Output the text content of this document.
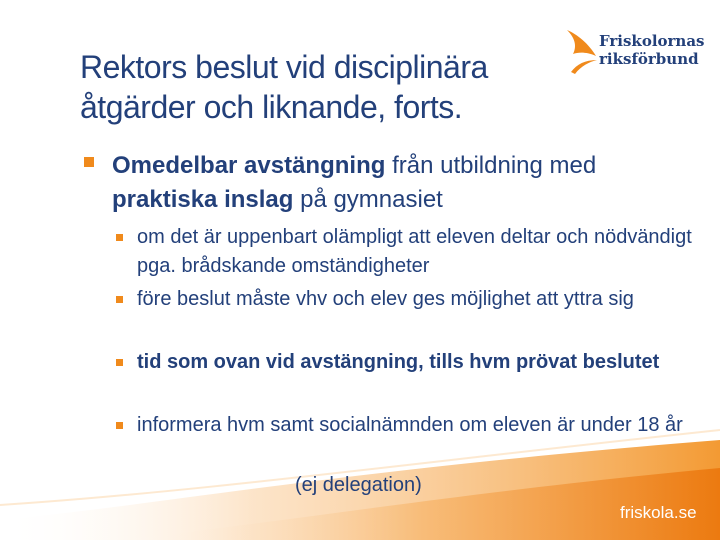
Rektors beslut vid disciplinära
åtgärder och liknande, forts.
Friskolornas
riksförbund
Omedelbar avstängning från utbildning med praktiska inslag på gymnasiet
om det är uppenbart olämpligt att eleven deltar och nödvändigt pga. brådskande omständigheter
före beslut måste vhv och elev ges möjlighet att yttra sig
tid som ovan vid avstängning, tills hvm prövat beslutet
informera hvm samt socialnämnden om eleven är under 18 år
(ej delegation)
friskola.se
